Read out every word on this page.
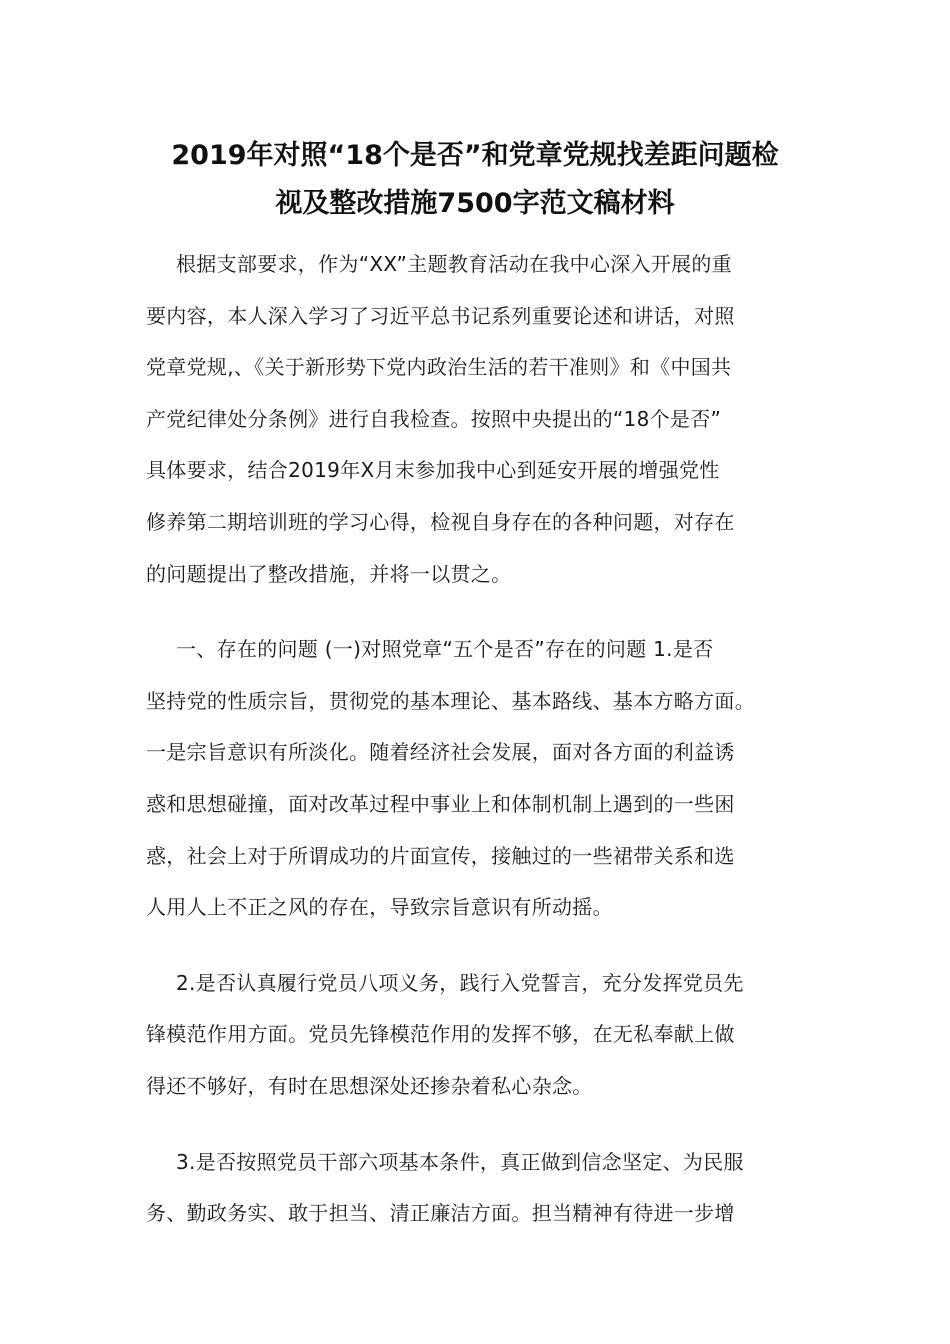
2019年对照“18个是否”和党章党规找差距问题检
视及整改措施7500字范文稿材料

根据支部要求，作为“XX”主题教育活动在我中心深入开展的重
要内容，本人深入学习了习近平总书记系列重要论述和讲话，对照
党章党规,、《关于新形势下党内政治生活的若干准则》和《中国共
产党纪律处分条例》进行自我检查。按照中央提出的“18个是否”
具体要求，结合2019年X月末参加我中心到延安开展的增强党性
修养第二期培训班的学习心得，检视自身存在的各种问题，对存在
的问题提出了整改措施，并将一以贯之。

一、存在的问题 (一)对照党章“五个是否”存在的问题 1.是否
坚持党的性质宗旨，贯彻党的基本理论、基本路线、基本方略方面。
一是宗旨意识有所淡化。随着经济社会发展，面对各方面的利益诱
惑和思想碰撞，面对改革过程中事业上和体制机制上遇到的一些困
惑，社会上对于所谓成功的片面宣传，接触过的一些裙带关系和选
人用人上不正之风的存在，导致宗旨意识有所动摇。

2.是否认真履行党员八项义务，践行入党誓言，充分发挥党员先
锋模范作用方面。党员先锋模范作用的发挥不够，在无私奉献上做
得还不够好，有时在思想深处还掺杂着私心杂念。

3.是否按照党员干部六项基本条件，真正做到信念坚定、为民服
务、勤政务实、敢于担当、清正廉洁方面。担当精神有待进一步增
